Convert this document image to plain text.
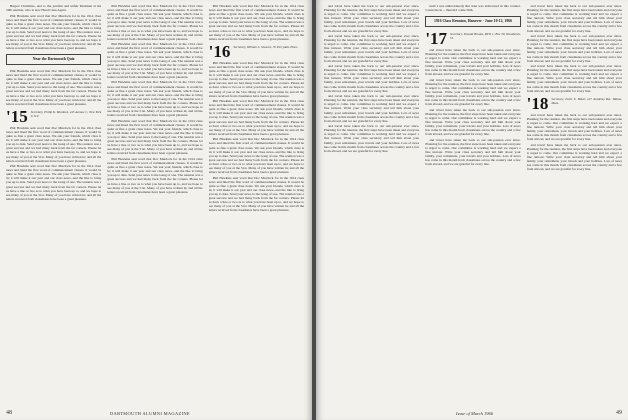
Bugsot Christmas, and to the parchin and unfair Kinsmen at the 50th reunion, who is now Head Class Agent.

Phil Hawkins sent word that Doc Murdock for in the 1914 class news and lined the first word of commencement classes. It would be quite as fine a grant class notes. We ask your friends, which class is in; it will make it our year and our class news--and the like to bring you up to date. Send your news to the Gang of one. The reunion was a great success and we had many back from the far corners. Please let us have a line or two as to what you have been up to, and we hope to see many of you at the 51st. Many of you have written in; and all the letters received from classmates have been a great pleasure.

Near the Dartmouth Quiz

Phil Hawkins sent word that Doc Murdock for in the 1914 class news and lined the first word of commencement classes. It would be quite as fine a grant class notes. We ask your friends, which class is in; it will make it our year and our class news--and the like to bring you up to date. Send your news to the Gang of one. The reunion was a great success and we had many back from the far corners. Please let us have a line or two as to what you have been up to, and we hope to see many of you at the 51st. Many of you have written in; and all the letters received from classmates have been a great pleasure.

'15 Secretary, Philip K. Murdock, 245 Avenue C, New York 9, N.Y.

Phil Hawkins sent word that Doc Murdock for in the 1914 class news and lined the first word of commencement classes. It would be quite as fine a grant class notes. We ask your friends, which class is in; it will make it our year and our class news--and the like to bring you up to date. Send your news to the Gang of one. The reunion was a great success and we had many back from the far corners. Please let us have a line or two as to what you have been up to, and we hope to see many of you at the 51st. Many of you have written in; and all the letters received from classmates have been a great pleasure.

Phil Hawkins sent word that Doc Murdock for in the 1914 class news and lined the first word of commencement classes. It would be quite as fine a grant class notes. We ask your friends, which class is in; it will make it our year and our class news--and the like to bring you up to date. Send your news to the Gang of one. The reunion was a great success and we had many back from the far corners. Please let us have a line or two as to what you have been up to, and we hope to see many of you at the 51st. Many of you have written in; and all the letters received from classmates have been a great pleasure.

Phil Hawkins sent word that Doc Murdock for in the 1914 class news and lined the first word of commencement classes. It would be quite as fine a grant class notes. We ask your friends, which class is in; it will make it our year and our class news--and the like to bring you up to date. Send your news to the Gang of one. The reunion was a great success and we had many back from the far corners. Please let us have a line or two as to what you have been up to, and we hope to see many of you at the 51st. Many of you have written in; and all the letters received from classmates have been a great pleasure.

Phil Hawkins sent word that Doc Murdock for in the 1914 class news and lined the first word of commencement classes. It would be quite as fine a grant class notes. We ask your friends, which class is in; it will make it our year and our class news--and the like to bring you up to date. Send your news to the Gang of one. The reunion was a great success and we had many back from the far corners. Please let us have a line or two as to what you have been up to, and we hope to see many of you at the 51st. Many of you have written in; and all the letters received from classmates have been a great pleasure.

Phil Hawkins sent word that Doc Murdock for in the 1914 class news and lined the first word of commencement classes. It would be quite as fine a grant class notes. We ask your friends, which class is in; it will make it our year and our class news--and the like to bring you up to date. Send your news to the Gang of one. The reunion was a great success and we had many back from the far corners. Please let us have a line or two as to what you have been up to, and we hope to see many of you at the 51st. Many of you have written in; and all the letters received from classmates have been a great pleasure.

Phil Hawkins sent word that Doc Murdock for in the 1914 class news and lined the first word of commencement classes. It would be quite as fine a grant class notes. We ask your friends, which class is in; it will make it our year and our class news--and the like to bring you up to date. Send your news to the Gang of one. The reunion was a great success and we had many back from the far corners. Please let us have a line or two as to what you have been up to, and we hope to see many of you at the 51st. Many of you have written in; and all the letters received from classmates have been a great pleasure.

Phil Hawkins sent word that Doc Murdock for in the 1914 class news and lined the first word of commencement classes. It would be quite as fine a grant class notes. We ask your friends, which class is in; it will make it our year and our class news--and the like to bring you up to date. Send your news to the Gang of one. The reunion was a great success and we had many back from the far corners. Please let us have a line or two as to what you have been up to, and we hope to see many of you at the 51st. Many of you have written in; and all the letters received from classmates have been a great pleasure.

Phil Hawkins sent word that Doc Murdock for in the 1914 class news and lined the first word of commencement classes. It would be quite as fine a grant class notes. We ask your friends, which class is in; it will make it our year and our class news--and the like to bring you up to date. Send your news to the Gang of one. The reunion was a great success and we had many back from the far corners. Please let us have a line or two as to what you have been up to, and we hope to see many of you at the 51st. Many of you have written in; and all the letters received from classmates have been a great pleasure.

'16 Secretary, William L. Gleaves, 35 Perrydale Place

Phil Hawkins sent word that Doc Murdock for in the 1914 class news and lined the first word of commencement classes. It would be quite as fine a grant class notes. We ask your friends, which class is in; it will make it our year and our class news--and the like to bring you up to date. Send your news to the Gang of one. The reunion was a great success and we had many back from the far corners. Please let us have a line or two as to what you have been up to, and we hope to see many of you at the 51st. Many of you have written in; and all the letters received from classmates have been a great pleasure.

Phil Hawkins sent word that Doc Murdock for in the 1914 class news and lined the first word of commencement classes. It would be quite as fine a grant class notes. We ask your friends, which class is in; it will make it our year and our class news--and the like to bring you up to date. Send your news to the Gang of one. The reunion was a great success and we had many back from the far corners. Please let us have a line or two as to what you have been up to, and we hope to see many of you at the 51st. Many of you have written in; and all the letters received from classmates have been a great pleasure.

Phil Hawkins sent word that Doc Murdock for in the 1914 class news and lined the first word of commencement classes. It would be quite as fine a grant class notes. We ask your friends, which class is in; it will make it our year and our class news--and the like to bring you up to date. Send your news to the Gang of one. The reunion was a great success and we had many back from the far corners. Please let us have a line or two as to what you have been up to, and we hope to see many of you at the 51st. Many of you have written in; and all the letters received from classmates have been a great pleasure.

Phil Hawkins sent word that Doc Murdock for in the 1914 class news and lined the first word of commencement classes. It would be quite as fine a grant class notes. We ask your friends, which class is in; it will make it our year and our class news--and the like to bring you up to date. Send your news to the Gang of one. The reunion was a great success and we had many back from the far corners. Please let us have a line or two as to what you have been up to, and we hope to see many of you at the 51st. Many of you have written in; and all the letters received from classmates have been a great pleasure.

48	DARTMOUTH ALUMNI MAGAZINE

and travel have taken me back to our sub-passion ever since. Planning for the reunion, the first steps have been taken and everyone is urged to come. Our committee is working hard and we expect a fine turnout. Write your class secretary and tell him about your family, your retirement, your travels and your hobbies. Lots of news has come in this month from classmates across the country and a few from abroad, and we are grateful for every line.

and travel have taken me back to our sub-passion ever since. Planning for the reunion, the first steps have been taken and everyone is urged to come. Our committee is working hard and we expect a fine turnout. Write your class secretary and tell him about your family, your retirement, your travels and your hobbies. Lots of news has come in this month from classmates across the country and a few from abroad, and we are grateful for every line.

and travel have taken me back to our sub-passion ever since. Planning for the reunion, the first steps have been taken and everyone is urged to come. Our committee is working hard and we expect a fine turnout. Write your class secretary and tell him about your family, your retirement, your travels and your hobbies. Lots of news has come in this month from classmates across the country and a few from abroad, and we are grateful for every line.

and travel have taken me back to our sub-passion ever since. Planning for the reunion, the first steps have been taken and everyone is urged to come. Our committee is working hard and we expect a fine turnout. Write your class secretary and tell him about your family, your retirement, your travels and your hobbies. Lots of news has come in this month from classmates across the country and a few from abroad, and we are grateful for every line.

and travel have taken me back to our sub-passion ever since. Planning for the reunion, the first steps have been taken and everyone is urged to come. Our committee is working hard and we expect a fine turnout. Write your class secretary and tell him about your family, your retirement, your travels and your hobbies. Lots of news has come in this month from classmates across the country and a few from abroad, and we are grateful for every line.

until I was embroidered) that Jean was elaborated in this counter. Count me in -- therein I come 50th.

1916 Class Reunion, Hanover - June 10-12, 1966
'17 Secretary, Donald Brooks, RFD 1, Box 39, Woodstock, Vt.

and travel have taken me back to our sub-passion ever since. Planning for the reunion, the first steps have been taken and everyone is urged to come. Our committee is working hard and we expect a fine turnout. Write your class secretary and tell him about your family, your retirement, your travels and your hobbies. Lots of news has come in this month from classmates across the country and a few from abroad, and we are grateful for every line.

and travel have taken me back to our sub-passion ever since. Planning for the reunion, the first steps have been taken and everyone is urged to come. Our committee is working hard and we expect a fine turnout. Write your class secretary and tell him about your family, your retirement, your travels and your hobbies. Lots of news has come in this month from classmates across the country and a few from abroad, and we are grateful for every line.

and travel have taken me back to our sub-passion ever since. Planning for the reunion, the first steps have been taken and everyone is urged to come. Our committee is working hard and we expect a fine turnout. Write your class secretary and tell him about your family, your retirement, your travels and your hobbies. Lots of news has come in this month from classmates across the country and a few from abroad, and we are grateful for every line.

and travel have taken me back to our sub-passion ever since. Planning for the reunion, the first steps have been taken and everyone is urged to come. Our committee is working hard and we expect a fine turnout. Write your class secretary and tell him about your family, your retirement, your travels and your hobbies. Lots of news has come in this month from classmates across the country and a few from abroad, and we are grateful for every line.

and travel have taken me back to our sub-passion ever since. Planning for the reunion, the first steps have been taken and everyone is urged to come. Our committee is working hard and we expect a fine turnout. Write your class secretary and tell him about your family, your retirement, your travels and your hobbies. Lots of news has come in this month from classmates across the country and a few from abroad, and we are grateful for every line.

and travel have taken me back to our sub-passion ever since. Planning for the reunion, the first steps have been taken and everyone is urged to come. Our committee is working hard and we expect a fine turnout. Write your class secretary and tell him about your family, your retirement, your travels and your hobbies. Lots of news has come in this month from classmates across the country and a few from abroad, and we are grateful for every line.

and travel have taken me back to our sub-passion ever since. Planning for the reunion, the first steps have been taken and everyone is urged to come. Our committee is working hard and we expect a fine turnout. Write your class secretary and tell him about your family, your retirement, your travels and your hobbies. Lots of news has come in this month from classmates across the country and a few from abroad, and we are grateful for every line.

'18 Secretary, Earle E. Baker, 127 Academy Rd., Waban, Mass.

and travel have taken me back to our sub-passion ever since. Planning for the reunion, the first steps have been taken and everyone is urged to come. Our committee is working hard and we expect a fine turnout. Write your class secretary and tell him about your family, your retirement, your travels and your hobbies. Lots of news has come in this month from classmates across the country and a few from abroad, and we are grateful for every line.

and travel have taken me back to our sub-passion ever since. Planning for the reunion, the first steps have been taken and everyone is urged to come. Our committee is working hard and we expect a fine turnout. Write your class secretary and tell him about your family, your retirement, your travels and your hobbies. Lots of news has come in this month from classmates across the country and a few from abroad, and we are grateful for every line.

Issue of March 1966	49
